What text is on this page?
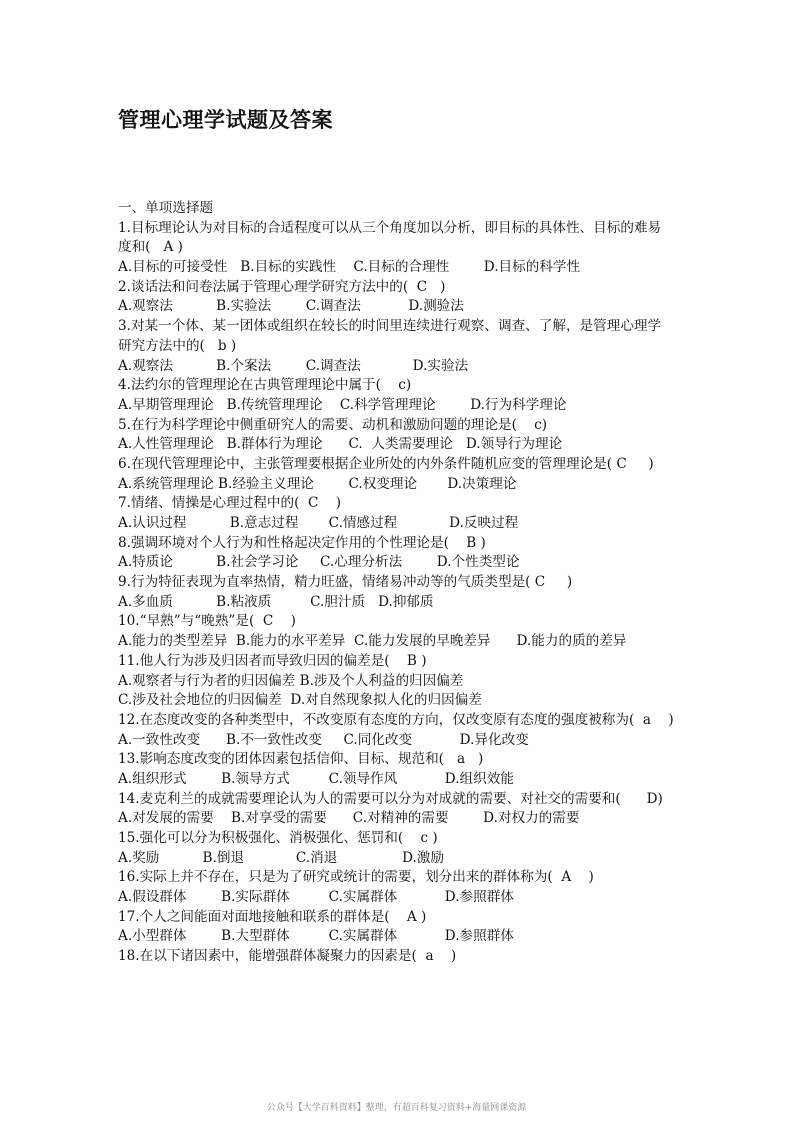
管理心理学试题及答案
一、单项选择题
1.目标理论认为对目标的合适程度可以从三个角度加以分析，即目标的具体性、目标的难易
度和(   A )
A.目标的可接受性   B.目标的实践性    C.目标的合理性        D.目标的科学性
2.谈话法和问卷法属于管理心理学研究方法中的(  C   )
A.观察法          B.实验法        C.调查法           D.测验法
3.对某一个体、某一团体或组织在较长的时间里连续进行观察、调查、了解，是管理心理学
研究方法中的(   b )
A.观察法          B.个案法        C.调查法            D.实验法
4.法约尔的管理理论在古典管理理论中属于(    c)
A.早期管理理论   B.传统管理理论    C.科学管理理论        D.行为科学理论
5.在行为科学理论中侧重研究人的需要、动机和激励问题的理论是(    c)
A.人性管理理论   B.群体行为理论      C.  人类需要理论   D.领导行为理论
6.在现代管理理论中，主张管理要根据企业所处的内外条件随机应变的管理理论是( C     )
A.系统管理理论 B.经验主义理论        C.权变理论       D.决策理论
7.情绪、情操是心理过程中的(  C    )
A.认识过程          B.意志过程       C.情感过程            D.反映过程
8.强调环境对个人行为和性格起决定作用的个性理论是(    B )
A.特质论          B.社会学习论     C.心理分析法        D.个性类型论
9.行为特征表现为直率热情，精力旺盛，情绪易冲动等的气质类型是( C     )
A.多血质          B.粘液质         C.胆汁质   D.抑郁质
10.“早熟”与“晚熟”是(  C    )
A.能力的类型差异  B.能力的水平差异  C.能力发展的早晚差异      D.能力的质的差异
11.他人行为涉及归因者而导致归因的偏差是(    B )
A.观察者与行为者的归因偏差 B.涉及个人利益的归因偏差
C.涉及社会地位的归因偏差  D.对自然现象拟人化的归因偏差
12.在态度改变的各种类型中，不改变原有态度的方向，仅改变原有态度的强度被称为(  a    )
A.一致性改变      B.不一致性改变     C.同化改变           D.异化改变
13.影响态度改变的团体因素包括信仰、目标、规范和(   a   )
A.组织形式        B.领导方式         C.领导作风           D.组织效能
14.麦克利兰的成就需要理论认为人的需要可以分为对成就的需要、对社交的需要和(      D)
A.对发展的需要    B.对享受的需要      C.对精神的需要        D.对权力的需要
15.强化可以分为积极强化、消极强化、惩罚和(    c )
A.奖励          B.倒退            C.消退               D.激励
16.实际上并不存在，只是为了研究或统计的需要，划分出来的群体称为(  A    )
A.假设群体        B.实际群体         C.实属群体           D.参照群体
17.个人之间能面对面地接触和联系的群体是(    A )
A.小型群体        B.大型群体         C.实属群体           D.参照群体
18.在以下诸因素中，能增强群体凝聚力的因素是(  a    )
公众号【大学百科资料】整理，有超百科复习资料+海量网课资源
